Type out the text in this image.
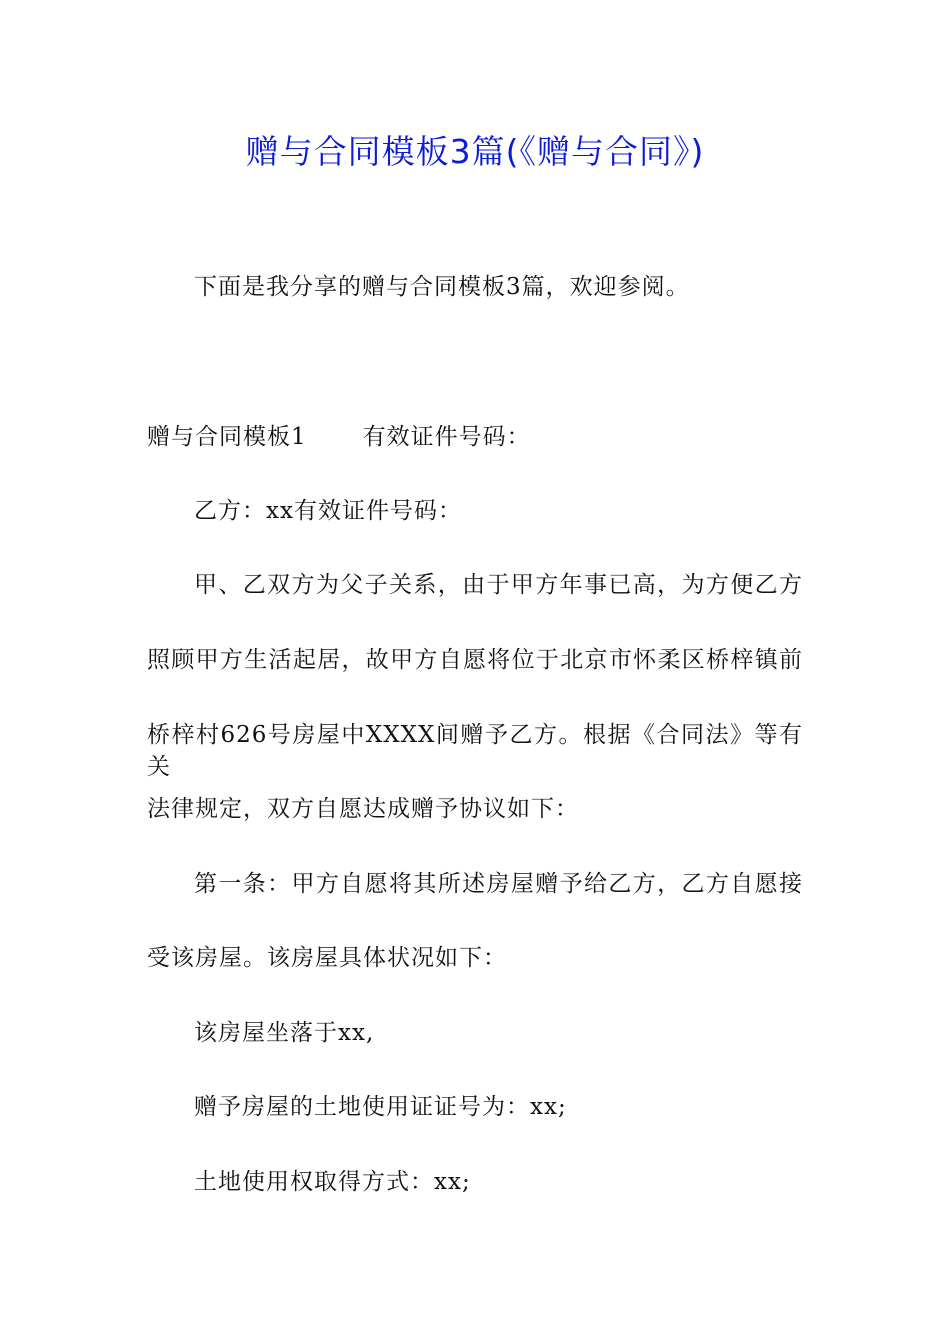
赠与合同模板3篇(《赠与合同》)
下面是我分享的赠与合同模板3篇，欢迎参阅。
赠与合同模板1 有效证件号码：
乙方：xx有效证件号码：
甲、乙双方为父子关系，由于甲方年事已高，为方便乙方
照顾甲方生活起居，故甲方自愿将位于北京市怀柔区桥梓镇前
桥梓村626号房屋中XXXX间赠予乙方。根据《合同法》等有关
法律规定，双方自愿达成赠予协议如下：
第一条：甲方自愿将其所述房屋赠予给乙方，乙方自愿接
受该房屋。该房屋具体状况如下：
该房屋坐落于xx,
赠予房屋的土地使用证证号为：xx;
土地使用权取得方式：xx;
